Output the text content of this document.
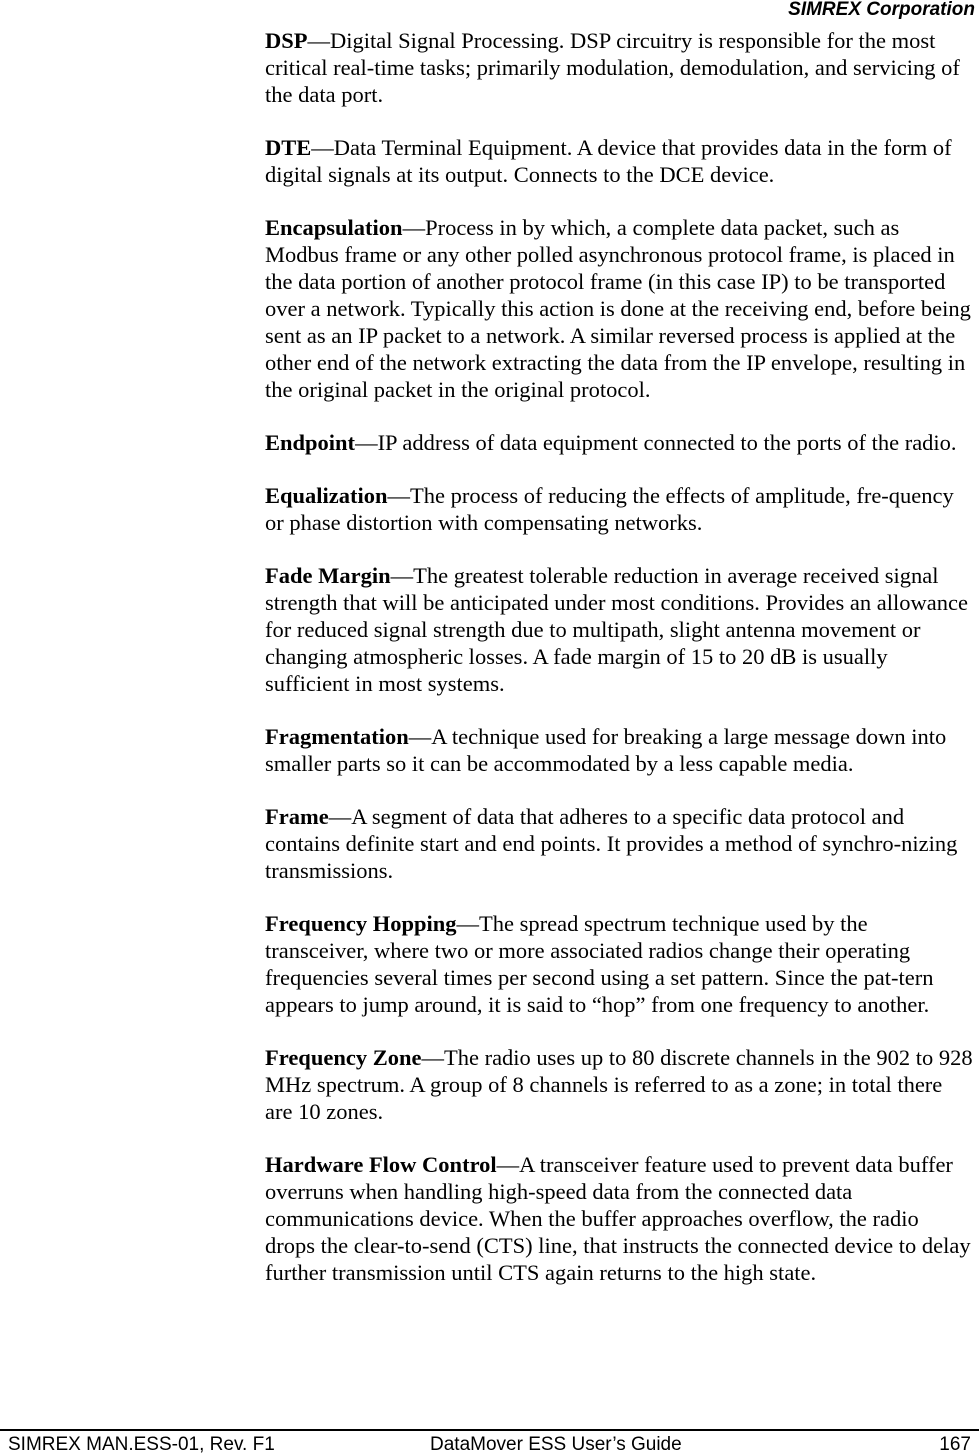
SIMREX Corporation

DSP—Digital Signal Processing. DSP circuitry is responsible for the most critical real-time tasks; primarily modulation, demodulation, and servicing of the data port.

DTE—Data Terminal Equipment. A device that provides data in the form of digital signals at its output. Connects to the DCE device.

Encapsulation—Process in by which, a complete data packet, such as Modbus frame or any other polled asynchronous protocol frame, is placed in the data portion of another protocol frame (in this case IP) to be transported over a network. Typically this action is done at the receiving end, before being sent as an IP packet to a network. A similar reversed process is applied at the other end of the network extracting the data from the IP envelope, resulting in the original packet in the original protocol.

Endpoint—IP address of data equipment connected to the ports of the radio.

Equalization—The process of reducing the effects of amplitude, fre-quency or phase distortion with compensating networks.

Fade Margin—The greatest tolerable reduction in average received signal strength that will be anticipated under most conditions. Provides an allowance for reduced signal strength due to multipath, slight antenna movement or changing atmospheric losses. A fade margin of 15 to 20 dB is usually sufficient in most systems.

Fragmentation—A technique used for breaking a large message down into smaller parts so it can be accommodated by a less capable media.

Frame—A segment of data that adheres to a specific data protocol and contains definite start and end points. It provides a method of synchro-nizing transmissions.

Frequency Hopping—The spread spectrum technique used by the transceiver, where two or more associated radios change their operating frequencies several times per second using a set pattern. Since the pat-tern appears to jump around, it is said to “hop” from one frequency to another.

Frequency Zone—The radio uses up to 80 discrete channels in the 902 to 928 MHz spectrum. A group of 8 channels is referred to as a zone; in total there are 10 zones.

Hardware Flow Control—A transceiver feature used to prevent data buffer overruns when handling high-speed data from the connected data communications device. When the buffer approaches overflow, the radio drops the clear-to-send (CTS) line, that instructs the connected device to delay further transmission until CTS again returns to the high state.

SIMREX MAN.ESS-01, Rev. F1	DataMover ESS User’s Guide	167
